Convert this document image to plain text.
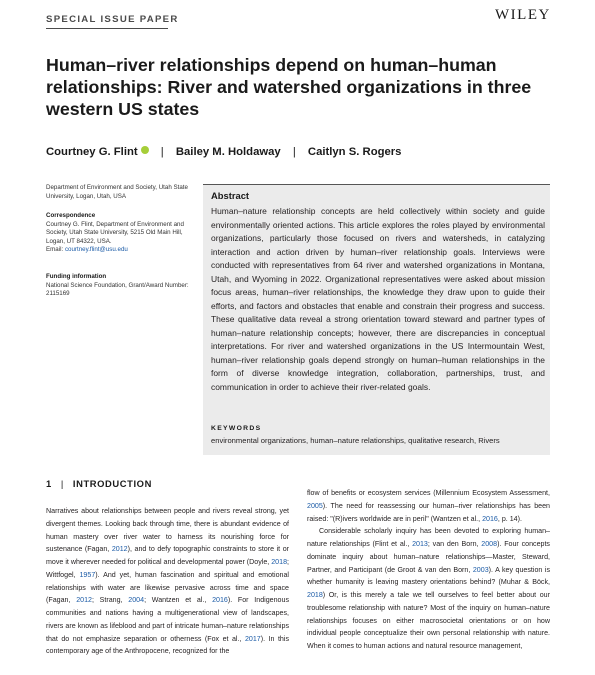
SPECIAL ISSUE PAPER	WILEY
Human–river relationships depend on human–human relationships: River and watershed organizations in three western US states
Courtney G. Flint | Bailey M. Holdaway | Caitlyn S. Rogers
Department of Environment and Society, Utah State University, Logan, Utah, USA
Correspondence
Courtney G. Flint, Department of Environment and Society, Utah State University, 5215 Old Main Hill, Logan, UT 84322, USA.
Email: courtney.flint@usu.edu
Funding information
National Science Foundation, Grant/Award Number: 2115169
Abstract
Human–nature relationship concepts are held collectively within society and guide environmentally oriented actions. This article explores the roles played by environmental organizations, particularly those focused on rivers and watersheds, in catalyzing interaction and action driven by human–river relationship goals. Interviews were conducted with representatives from 64 river and watershed organizations in Montana, Utah, and Wyoming in 2022. Organizational representatives were asked about mission focus areas, human–river relationships, the knowledge they draw upon to guide their efforts, and factors and obstacles that enable and constrain their progress and success. These qualitative data reveal a strong orientation toward steward and partner types of human–nature relationship concepts; however, there are discrepancies in conceptual interpretations. For river and watershed organizations in the US Intermountain West, human–river relationship goals depend strongly on human–human relationships in the form of diverse knowledge integration, collaboration, partnerships, trust, and communication in order to achieve their river-related goals.
KEYWORDS
environmental organizations, human–nature relationships, qualitative research, Rivers
1 | INTRODUCTION

Narratives about relationships between people and rivers reveal strong, yet divergent themes. Looking back through time, there is abundant evidence of human mastery over river water to harness its nourishing force for sustenance (Fagan, 2012), and to defy topographic constraints to store it or move it wherever needed for political and developmental power (Doyle, 2018; Wittfogel, 1957). And yet, human fascination and spiritual and emotional relationships with water are likewise pervasive across time and space (Fagan, 2012; Strang, 2004; Wantzen et al., 2016). For Indigenous communities and nations having a multigenerational view of landscapes, rivers are known as lifeblood and part of intricate human–nature relationships that do not emphasize separation or otherness (Fox et al., 2017). In this contemporary age of the Anthropocene, recognized for the

flow of benefits or ecosystem services (Millennium Ecosystem Assessment, 2005). The need for reassessing our human–river relationships has been raised: "(R)ivers worldwide are in peril" (Wantzen et al., 2016, p. 14).

Considerable scholarly inquiry has been devoted to exploring human–nature relationships (Flint et al., 2013; van den Born, 2008). Four concepts dominate inquiry about human–nature relationships—Master, Steward, Partner, and Participant (de Groot & van den Born, 2003). A key question is whether humanity is leaving mastery orientations behind? (Muhar & Böck, 2018) Or, is this merely a tale we tell ourselves to feel better about our troublesome relationship with nature? Most of the inquiry on human–nature relationships focuses on either macrosocietal orientations or on how individual people conceptualize their own personal relationship with nature. When it comes to human actions and natural resource management,
